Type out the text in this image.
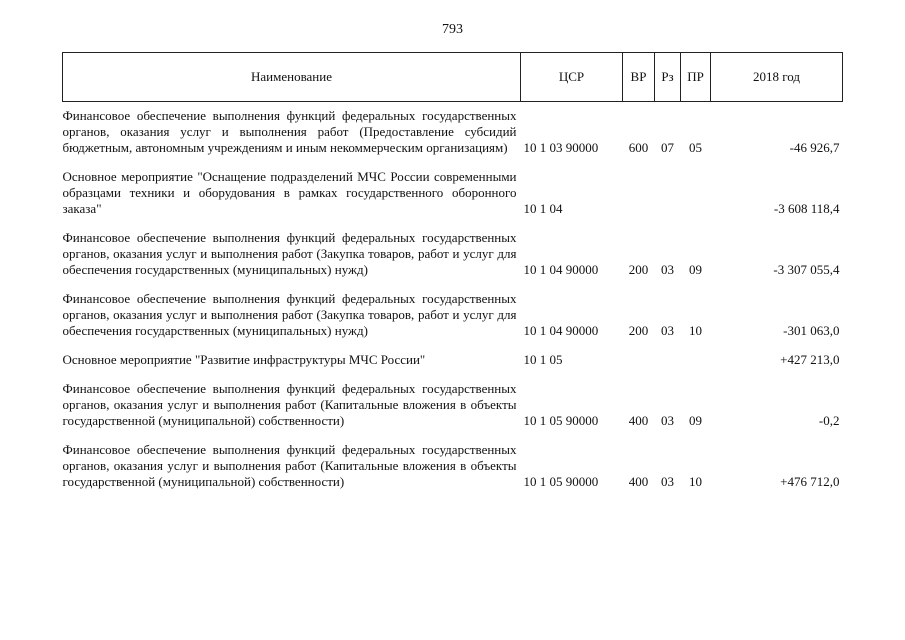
793
Наименование	ЦСР	ВР	Рз	ПР	2018 год
Финансовое обеспечение выполнения функций федеральных государственных органов, оказания услуг и выполнения работ (Предоставление субсидий бюджетным, автономным учреждениям и иным некоммерческим организациям)	10 1 03 90000	600	07	05	-46 926,7
Основное мероприятие "Оснащение подразделений МЧС России современными образцами техники и оборудования в рамках государственного оборонного заказа"	10 1 04				-3 608 118,4
Финансовое обеспечение выполнения функций федеральных государственных органов, оказания услуг и выполнения работ (Закупка товаров, работ и услуг для обеспечения государственных (муниципальных) нужд)	10 1 04 90000	200	03	09	-3 307 055,4
Финансовое обеспечение выполнения функций федеральных государственных органов, оказания услуг и выполнения работ (Закупка товаров, работ и услуг для обеспечения государственных (муниципальных) нужд)	10 1 04 90000	200	03	10	-301 063,0
Основное мероприятие "Развитие инфраструктуры МЧС России"	10 1 05				+427 213,0
Финансовое обеспечение выполнения функций федеральных государственных органов, оказания услуг и выполнения работ (Капитальные вложения в объекты государственной (муниципальной) собственности)	10 1 05 90000	400	03	09	-0,2
Финансовое обеспечение выполнения функций федеральных государственных органов, оказания услуг и выполнения работ (Капитальные вложения в объекты государственной (муниципальной) собственности)	10 1 05 90000	400	03	10	+476 712,0
